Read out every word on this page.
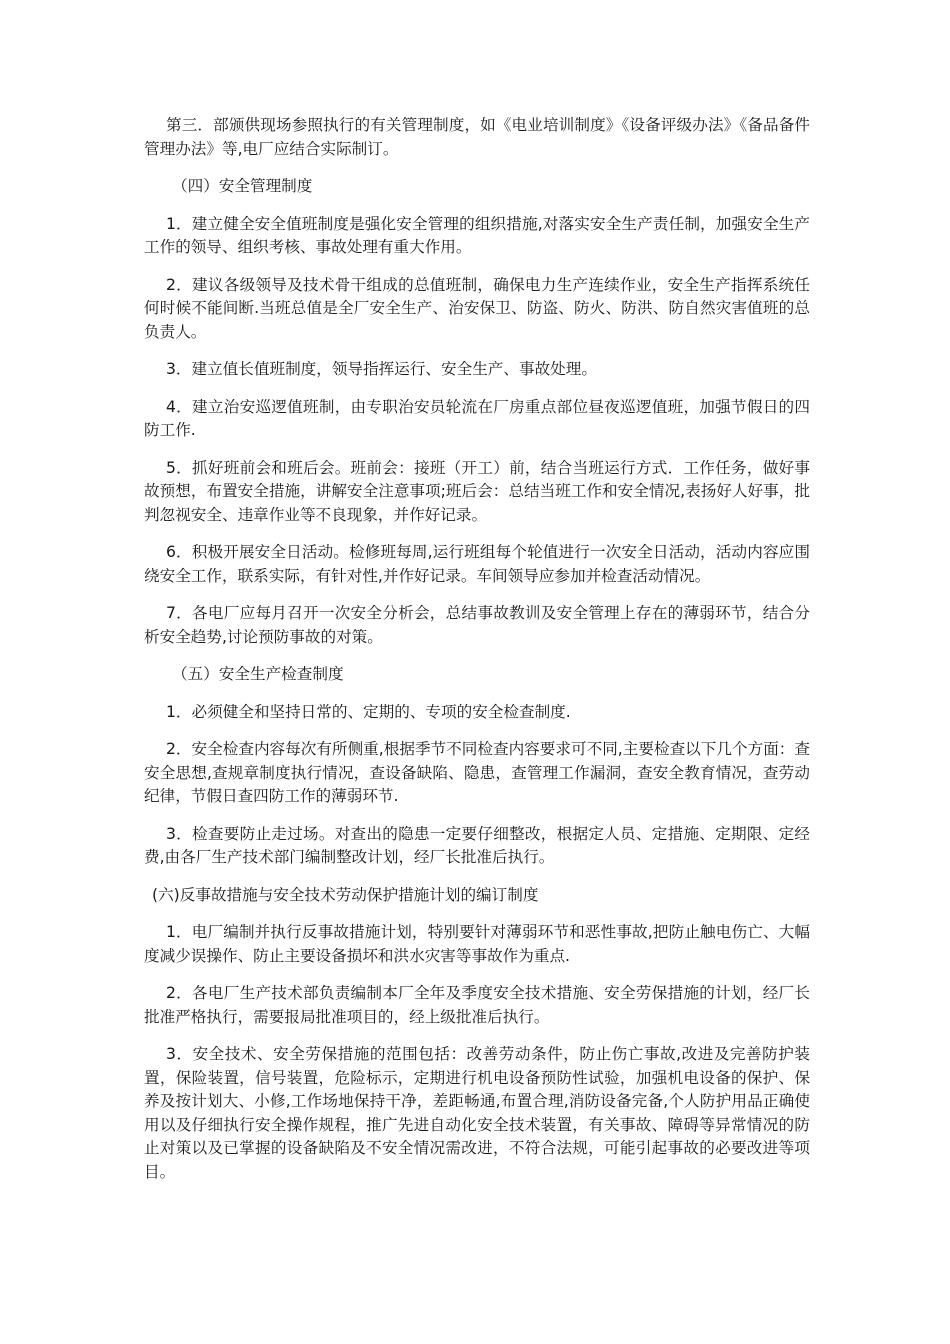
第三．部颁供现场参照执行的有关管理制度，如《电业培训制度》《设备评级办法》《备品备件管理办法》等,电厂应结合实际制订。

（四）安全管理制度

1．建立健全安全值班制度是强化安全管理的组织措施,对落实安全生产责任制，加强安全生产工作的领导、组织考核、事故处理有重大作用。

2．建议各级领导及技术骨干组成的总值班制，确保电力生产连续作业，安全生产指挥系统任何时候不能间断.当班总值是全厂安全生产、治安保卫、防盗、防火、防洪、防自然灾害值班的总负责人。

3．建立值长值班制度，领导指挥运行、安全生产、事故处理。

4．建立治安巡逻值班制，由专职治安员轮流在厂房重点部位昼夜巡逻值班，加强节假日的四防工作.

5．抓好班前会和班后会。班前会：接班（开工）前，结合当班运行方式．工作任务，做好事故预想，布置安全措施，讲解安全注意事项;班后会：总结当班工作和安全情况,表扬好人好事，批判忽视安全、违章作业等不良现象，并作好记录。

6．积极开展安全日活动。检修班每周,运行班组每个轮值进行一次安全日活动，活动内容应围绕安全工作，联系实际，有针对性,并作好记录。车间领导应参加并检查活动情况。

7．各电厂应每月召开一次安全分析会，总结事故教训及安全管理上存在的薄弱环节，结合分析安全趋势,讨论预防事故的对策。

（五）安全生产检查制度

1．必须健全和坚持日常的、定期的、专项的安全检查制度.

2．安全检查内容每次有所侧重,根据季节不同检查内容要求可不同,主要检查以下几个方面：查安全思想,查规章制度执行情况，查设备缺陷、隐患，查管理工作漏洞，查安全教育情况，查劳动纪律，节假日查四防工作的薄弱环节.

3．检查要防止走过场。对查出的隐患一定要仔细整改，根据定人员、定措施、定期限、定经费,由各厂生产技术部门编制整改计划，经厂长批准后执行。

(六)反事故措施与安全技术劳动保护措施计划的编订制度

1．电厂编制并执行反事故措施计划，特别要针对薄弱环节和恶性事故,把防止触电伤亡、大幅度减少误操作、防止主要设备损坏和洪水灾害等事故作为重点.

2．各电厂生产技术部负责编制本厂全年及季度安全技术措施、安全劳保措施的计划，经厂长批准严格执行，需要报局批准项目的，经上级批准后执行。

3．安全技术、安全劳保措施的范围包括：改善劳动条件，防止伤亡事故,改进及完善防护装置，保险装置，信号装置，危险标示，定期进行机电设备预防性试验，加强机电设备的保护、保养及按计划大、小修,工作场地保持干净，差距畅通,布置合理,消防设备完备,个人防护用品正确使用以及仔细执行安全操作规程，推广先进自动化安全技术装置，有关事故、障碍等异常情况的防止对策以及已掌握的设备缺陷及不安全情况需改进，不符合法规，可能引起事故的必要改进等项目。
